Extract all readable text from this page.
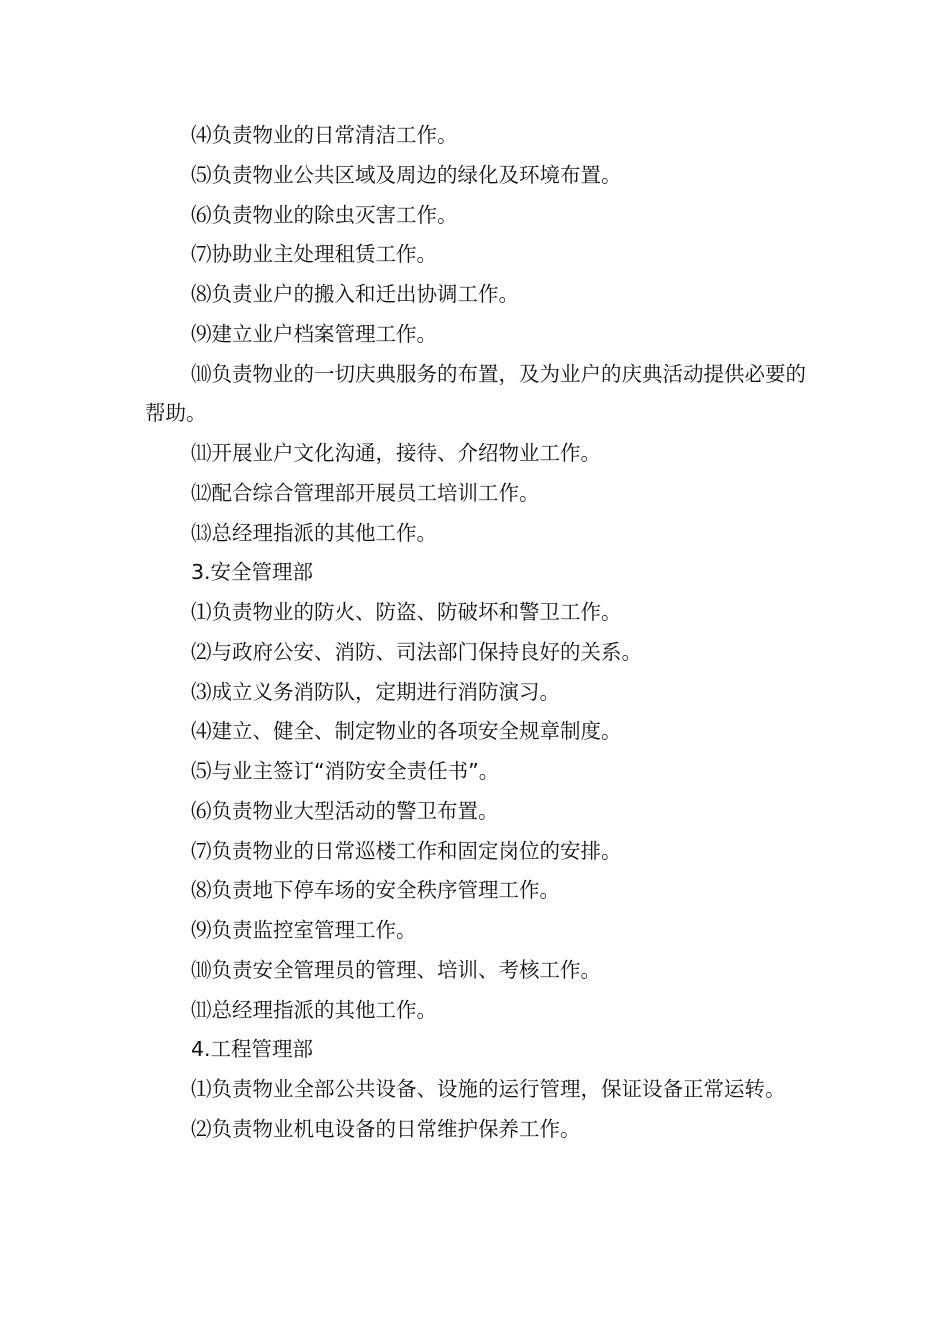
⑷负责物业的日常清洁工作。

⑸负责物业公共区域及周边的绿化及环境布置。

⑹负责物业的除虫灭害工作。

⑺协助业主处理租赁工作。

⑻负责业户的搬入和迁出协调工作。

⑼建立业户档案管理工作。

⑽负责物业的一切庆典服务的布置，及为业户的庆典活动提供必要的帮助。

⑾开展业户文化沟通，接待、介绍物业工作。

⑿配合综合管理部开展员工培训工作。

⒀总经理指派的其他工作。

3.安全管理部

⑴负责物业的防火、防盗、防破坏和警卫工作。

⑵与政府公安、消防、司法部门保持良好的关系。

⑶成立义务消防队，定期进行消防演习。

⑷建立、健全、制定物业的各项安全规章制度。

⑸与业主签订“消防安全责任书”。

⑹负责物业大型活动的警卫布置。

⑺负责物业的日常巡楼工作和固定岗位的安排。

⑻负责地下停车场的安全秩序管理工作。

⑼负责监控室管理工作。

⑽负责安全管理员的管理、培训、考核工作。

⑾总经理指派的其他工作。

4.工程管理部

⑴负责物业全部公共设备、设施的运行管理，保证设备正常运转。

⑵负责物业机电设备的日常维护保养工作。
